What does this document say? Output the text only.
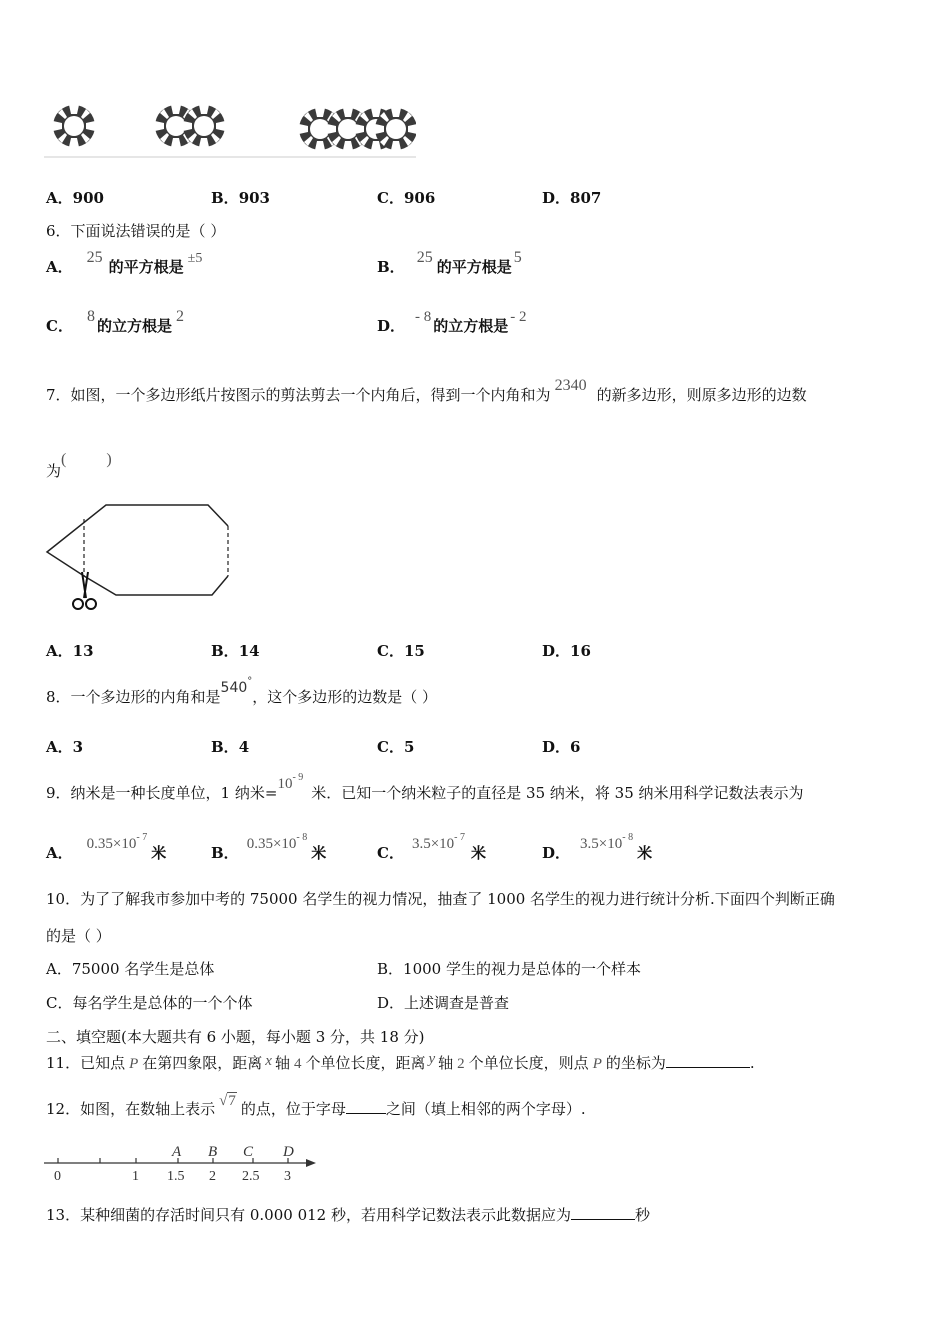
A．900	B．903	C．906	D．807
6．下面说法错误的是（ ）
A．25的平方根是 ±5	B．25的平方根是5
C．8的立方根是2
D． - 8 的立方根是 - 2
7．如图，一个多边形纸片按图示的剪法剪去一个内角后，得到一个内角和为2340的新多边形，则原多边形的边数
为(          )
A．13	B．14	C．15	D．16
8．一个多边形的内角和是540°，这个多边形的边数是（ ）
A．3	B．4	C．5	D．6
9．纳米是一种长度单位，1 纳米$=10^{- 9}$米．已知一个纳米粒子的直径是 35 纳米，将 35 纳米用科学记数法表示为
A． $0.35\times 10^{- 7}$米	B． $0.35\times 10^{- 8}$米	C． $3.5\times 10^{- 7}$米	D． $3.5\times 10^{- 8}$米
10．为了了解我市参加中考的 75000 名学生的视力情况，抽查了 1000 名学生的视力进行统计分析.下面四个判断正确
的是（ ）
A．75000 名学生是总体	B．1000 学生的视力是总体的一个样本
C．每名学生是总体的一个个体	D．上述调查是普查
二、填空题(本大题共有 6 小题，每小题 3 分，共 18 分)
11．已知点 P 在第四象限，距离 x 轴 4 个单位长度，距离 y 轴 2 个单位长度，则点 P 的坐标为	.
12．如图，在数轴上表示 √7 的点，位于字母	之间（填上相邻的两个字母）.
0	1 1.5 2 2.5 3
A B C D
13．某种细菌的存活时间只有 0.000 012 秒，若用科学记数法表示此数据应为	秒
